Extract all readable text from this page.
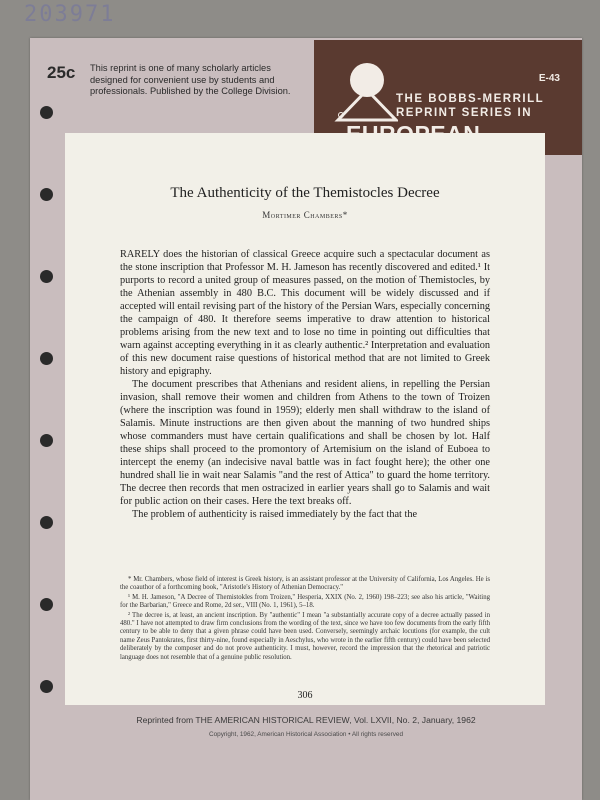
203971
25c This reprint is one of many scholarly articles designed for convenient use by students and professionals. Published by the College Division.
E-43
THE BOBBS-MERRILL
REPRINT SERIES IN
The Authenticity of the Themistocles Decree
Mortimer Chambers*

RARELY does the historian of classical Greece acquire such a spectacular document as the stone inscription that Professor M. H. Jameson has recently discovered and edited.¹ It purports to record a united group of measures passed, on the motion of Themistocles, by the Athenian assembly in 480 B.C. This document will be widely discussed and if accepted will entail revising part of the history of the Persian Wars, especially concerning the campaign of 480. It therefore seems imperative to draw attention to historical problems arising from the new text and to lose no time in pointing out difficulties that warn against accepting everything in it as clearly authentic.² Interpretation and evaluation of this new document raise questions of historical method that are not limited to Greek history and epigraphy.

The document prescribes that Athenians and resident aliens, in repelling the Persian invasion, shall remove their women and children from Athens to the town of Troizen (where the inscription was found in 1959); elderly men shall withdraw to the island of Salamis. Minute instructions are then given about the manning of two hundred ships whose commanders must have certain qualifications and shall be chosen by lot. Half these ships shall proceed to the promontory of Artemisium on the island of Euboea to intercept the enemy (an indecisive naval battle was in fact fought here); the other one hundred shall lie in wait near Salamis "and the rest of Attica" to guard the home territory. The decree then records that men ostracized in earlier years shall go to Salamis and wait for public action on their cases. Here the text breaks off.

The problem of authenticity is raised immediately by the fact that the

* Mr. Chambers, whose field of interest is Greek history, is an assistant professor at the University of California, Los Angeles. He is the coauthor of a forthcoming book, "Aristotle's History of Athenian Democracy."

¹ M. H. Jameson, "A Decree of Themistokles from Troizen," Hesperia, XXIX (No. 2, 1960) 198–223; see also his article, "Waiting for the Barbarian," Greece and Rome, 2d ser., VIII (No. 1, 1961), 5–18.

² The decree is, at least, an ancient inscription. By "authentic" I mean "a substantially accurate copy of a decree actually passed in 480." I have not attempted to draw firm conclusions from the wording of the text, since we have too few documents from the early fifth century to be able to deny that a given phrase could have been used. Conversely, seemingly archaic locutions (for example, the cult name Zeus Pantokrates, first thirty-nine, found especially in Aeschylus, who wrote in the earlier fifth century) could have been selected deliberately by the composer and do not prove authenticity. I must, however, record the impression that the rhetorical and patriotic language does not resemble that of a genuine public resolution.

306
Reprinted from THE AMERICAN HISTORICAL REVIEW, Vol. LXVII, No. 2, January, 1962
Copyright, 1962, American Historical Association • All rights reserved
